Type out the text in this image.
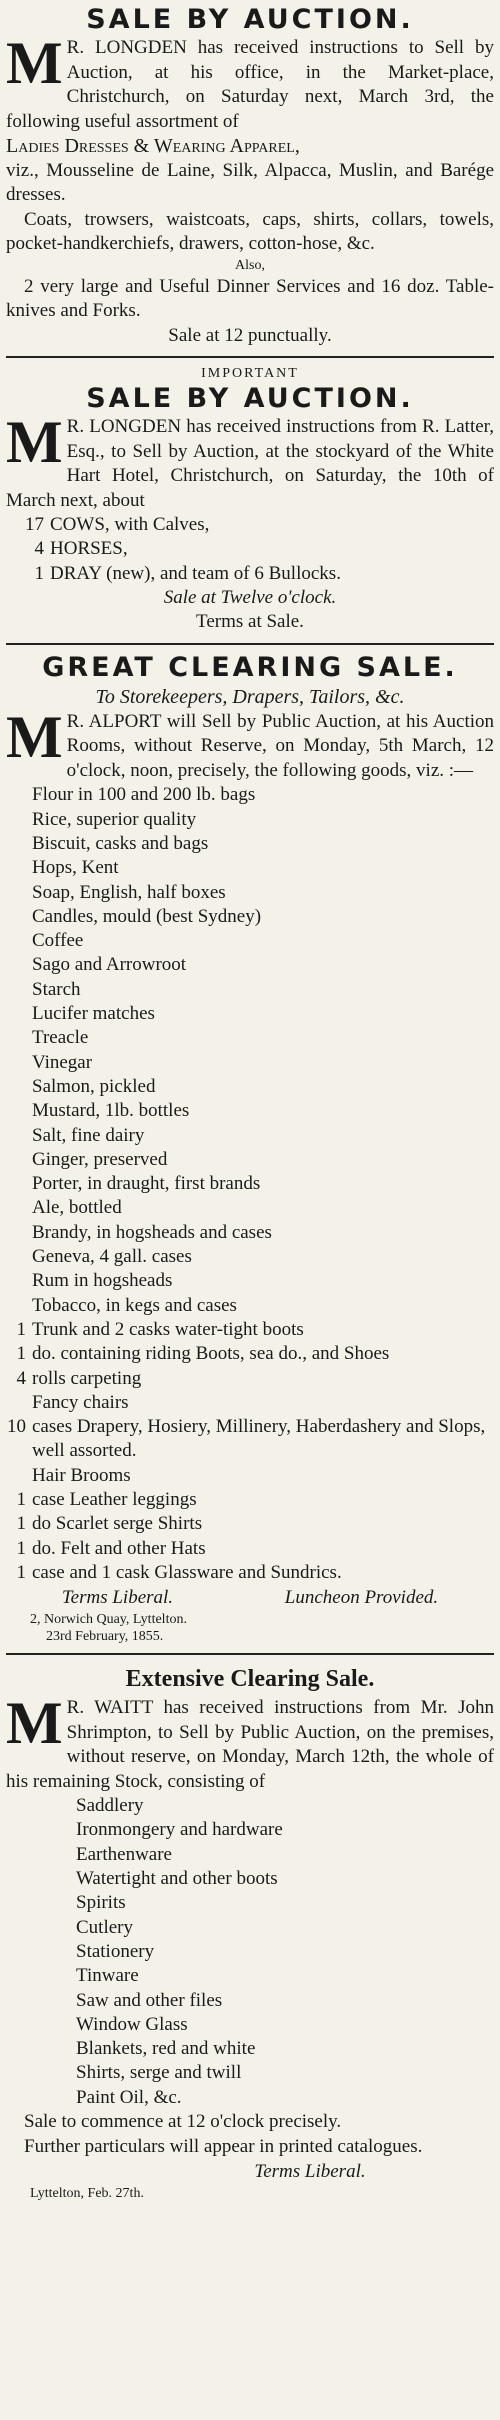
SALE BY AUCTION.

M R. LONGDEN has received instructions to Sell by Auction, at his office, in the Market-place, Christchurch, on Saturday next, March 3rd, the following useful assortment of

Ladies Dresses & Wearing Apparel,

viz., Mousseline de Laine, Silk, Alpacca, Muslin, and Barége dresses.

Coats, trowsers, waistcoats, caps, shirts, collars, towels, pocket-handkerchiefs, drawers, cotton-hose, &c.

Also,

2 very large and Useful Dinner Services and 16 doz. Table-knives and Forks.

Sale at 12 punctually.

IMPORTANT

SALE BY AUCTION.

M R. LONGDEN has received instructions from R. Latter, Esq., to Sell by Auction, at the stockyard of the White Hart Hotel, Christchurch, on Saturday, the 10th of March next, about

17 COWS, with Calves,
4 HORSES,
1 DRAY (new), and team of 6 Bullocks.

Sale at Twelve o'clock.

Terms at Sale.

GREAT CLEARING SALE.

To Storekeepers, Drapers, Tailors, &c.

M R. ALPORT will Sell by Public Auction, at his Auction Rooms, without Reserve, on Monday, 5th March, 12 o'clock, noon, precisely, the following goods, viz. :—

Flour in 100 and 200 lb. bags
Rice, superior quality
Biscuit, casks and bags
Hops, Kent
Soap, English, half boxes
Candles, mould (best Sydney)
Coffee
Sago and Arrowroot
Starch
Lucifer matches
Treacle
Vinegar
Salmon, pickled
Mustard, 1lb. bottles
Salt, fine dairy
Ginger, preserved
Porter, in draught, first brands
Ale, bottled
Brandy, in hogsheads and cases
Geneva, 4 gall. cases
Rum in hogsheads
Tobacco, in kegs and cases
1 Trunk and 2 casks water-tight boots
1 do. containing riding Boots, sea do., and Shoes
4 rolls carpeting
Fancy chairs
10 cases Drapery, Hosiery, Millinery, Haberdashery and Slops, well assorted.
Hair Brooms
1 case Leather leggings
1 do Scarlet serge Shirts
1 do. Felt and other Hats
1 case and 1 cask Glassware and Sundrics.
Terms Liberal.	Luncheon Provided.
2, Norwich Quay, Lyttelton.
23rd February, 1855.
Extensive Clearing Sale.

M R. WAITT has received instructions from Mr. John Shrimpton, to Sell by Public Auction, on the premises, without reserve, on Monday, March 12th, the whole of his remaining Stock, consisting of

Saddlery
Ironmongery and hardware
Earthenware
Watertight and other boots
Spirits
Cutlery
Stationery
Tinware
Saw and other files
Window Glass
Blankets, red and white
Shirts, serge and twill
Paint Oil, &c.

Sale to commence at 12 o'clock precisely.

Further particulars will appear in printed catalogues.

Terms Liberal.
Lyttelton, Feb. 27th.
